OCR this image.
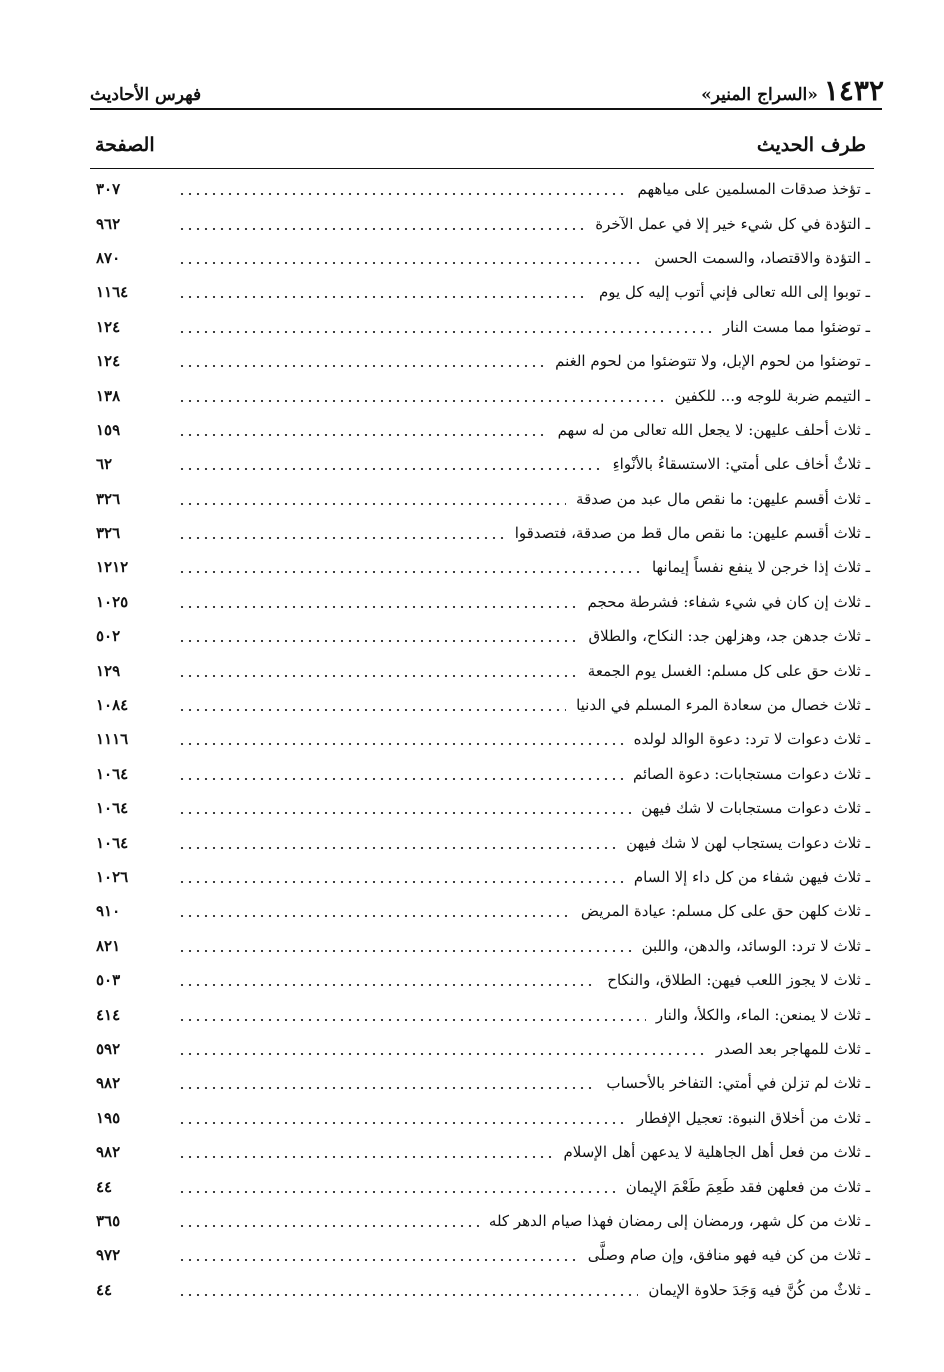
فهرس الأحاديث	١٤٣٢
«السراج المنير»
الصفحة	طرف الحديث
٣٠٧	ـ تؤخذ صدقات المسلمين على مياههم
٩٦٢	ـ التؤدة في كل شيء خير إلا في عمل الآخرة
٨٧٠	ـ التؤدة والاقتصاد، والسمت الحسن
١١٦٤	ـ توبوا إلى الله تعالى فإني أتوب إليه كل يوم
١٢٤	ـ توضئوا مما مست النار
١٢٤	ـ توضئوا من لحوم الإبل، ولا تتوضئوا من لحوم الغنم
١٣٨	ـ التيمم ضربة للوجه و... للكفين
١٥٩	ـ ثلاث أحلف عليهن: لا يجعل الله تعالى من له سهم
٦٢	ـ ثلاثٌ أخاف على أمتي: الاستسقاءُ بالأنْواءِ
٣٢٦	ـ ثلاث أقسم عليهن: ما نقص مال عبد من صدقة
٣٢٦	ـ ثلاث أقسم عليهن: ما نقص مال قط من صدقة، فتصدقوا
١٢١٢	ـ ثلاث إذا خرجن لا ينفع نفساً إيمانها
١٠٢٥	ـ ثلاث إن كان في شيء شفاء: فشرطة محجم
٥٠٢	ـ ثلاث جدهن جد، وهزلهن جد: النكاح، والطلاق
١٢٩	ـ ثلاث حق على كل مسلم: الغسل يوم الجمعة
١٠٨٤	ـ ثلاث خصال من سعادة المرء المسلم في الدنيا
١١١٦	ـ ثلاث دعوات لا ترد: دعوة الوالد لولده
١٠٦٤	ـ ثلاث دعوات مستجابات: دعوة الصائم
١٠٦٤	ـ ثلاث دعوات مستجابات لا شك فيهن
١٠٦٤	ـ ثلاث دعوات يستجاب لهن لا شك فيهن
١٠٢٦	ـ ثلاث فيهن شفاء من كل داء إلا السام
٩١٠	ـ ثلاث كلهن حق على كل مسلم: عيادة المريض
٨٢١	ـ ثلاث لا ترد: الوسائد، والدهن، واللبن
٥٠٣	ـ ثلاث لا يجوز اللعب فيهن: الطلاق، والنكاح
٤١٤	ـ ثلاث لا يمنعن: الماء، والكلأ، والنار
٥٩٢	ـ ثلاث للمهاجر بعد الصدر
٩٨٢	ـ ثلاث لم تزلن في أمتي: التفاخر بالأحساب
١٩٥	ـ ثلاث من أخلاق النبوة: تعجيل الإفطار
٩٨٢	ـ ثلاث من فعل أهل الجاهلية لا يدعهن أهل الإسلام
٤٤	ـ ثلاث من فعلهن فقد طَعِمَ طَعْمَ الإيمان
٣٦٥	ـ ثلاث من كل شهر، ورمضان إلى رمضان فهذا صيام الدهر كله
٩٧٢	ـ ثلاث من كن فيه فهو منافق، وإن صام وصلَّى
٤٤	ـ ثلاثٌ من كُنَّ فيه وَجَدَ حلاوة الإيمان
